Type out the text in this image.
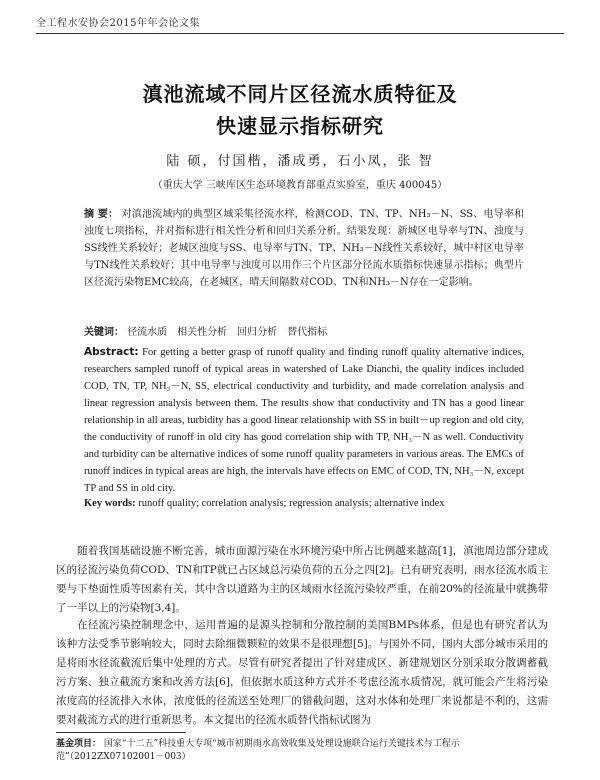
全工程水安协会2015年年会论文集
滇池流域不同片区径流水质特征及
快速显示指标研究
陆 硕，付国楷，潘成勇，石小凤，张 智
（重庆大学 三峡库区生态环境教育部重点实验室，重庆 400045）
摘 要： 对滇池流域内的典型区域采集径流水样，检测COD、TN、TP、NH₃－N、SS、电导率和浊度七项指标，并对指标进行相关性分析和回归关系分析。结果发现：新城区电导率与TN、浊度与SS线性关系较好；老城区浊度与SS、电导率与TN、TP、NH₃－N线性关系较好，城中村区电导率与TN线性关系较好；其中电导率与浊度可以用作三个片区部分径流水质指标快速显示指标；典型片区径流污染物EMC较高，在老城区，晴天间隔数对COD、TN和NH₃－N存在一定影响。
关键词： 径流水质　相关性分析　回归分析　替代指标
Abstract: For getting a better grasp of runoff quality and finding runoff quality alternative indices, researchers sampled runoff of typical areas in watershed of Lake Dianchi, the quality indices included COD, TN, TP, NH₃－N, SS, electrical conductivity and turbidity, and made correlation analysis and linear regression analysis between them. The results show that conductivity and TN has a good linear relationship in all areas, turbidity has a good linear relationship with SS in built－up region and old city, the conductivity of runoff in old city has good correlation ship with TP, NH₃－N as well. Conductivity and turbidity can be alternative indices of some runoff quality parameters in various areas. The EMCs of runoff indices in typical areas are high, the intervals have effects on EMC of COD, TN, NH₃－N, except TP and SS in old city.
Key words: runoff quality; correlation analysis; regression analysis; alternative index
随着我国基础设施不断完善，城市面源污染在水环境污染中所占比例越来越高[1]，滇池周边部分建成区的径流污染负荷COD、TN和TP就已占区域总污染负荷的五分之四[2]。已有研究表明，雨水径流水质主要与下垫面性质等因素有关，其中含以道路为主的区域雨水径流污染较严重，在前20%的径流量中就携带了一半以上的污染物[3,4]。
在径流污染控制理念中，运用普遍的是源头控制和分散控制的美国BMPs体系，但是也有研究者认为该种方法受季节影响较大，同时去除细微颗粒的效果不是很理想[5]。与国外不同，国内大部分城市采用的是将雨水径流截流后集中处理的方式。尽管有研究者提出了针对建成区、新建规划区分别采取分散调蓄截污方案、独立截流方案和改善方法[6]，但依据水质这种方式并不考虑径流水质情况，就可能会产生将污染浓度高的径流排入水体，浓度低的径流送至处理厂的错截问题，这对水体和处理厂来说都是不利的，这需要对截流方式的进行重新思考。本文提出的径流水质替代指标试图为
基金项目： 国家“十二五”科技重大专项“城市初期雨水高效收集及处理设施联合运行关键技术与工程示范”（2012ZX07102001－003）
